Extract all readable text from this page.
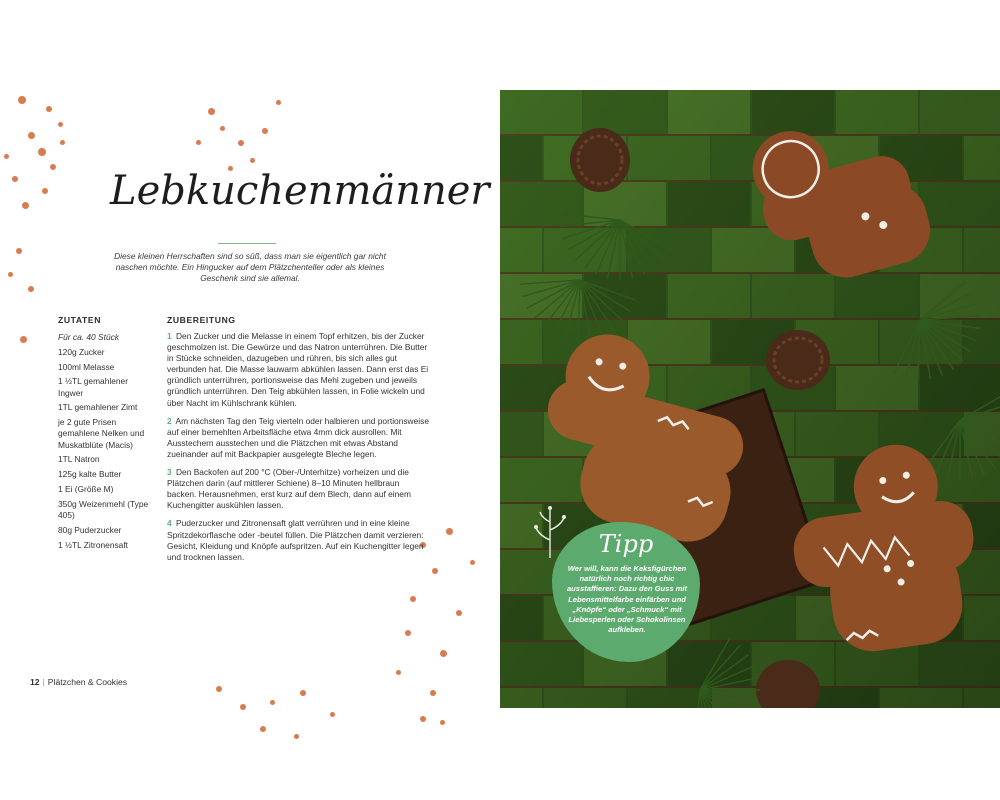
Lebkuchenmänner
Diese kleinen Herrschaften sind so süß, dass man sie eigentlich gar nicht naschen möchte. Ein Hingucker auf dem Plätzchenteller oder als kleines Geschenk sind sie allemal.
ZUTATEN
Für ca. 40 Stück
120g Zucker
100ml Melasse
1 ½TL gemahlener Ingwer
1TL gemahlener Zimt
je 2 gute Prisen gemahlene Nelken und Muskatblüte (Macis)
1TL Natron
125g kalte Butter
1 Ei (Größe M)
350g Weizenmehl (Type 405)
80g Puderzucker
1 ½TL Zitronensaft
ZUBEREITUNG

1 Den Zucker und die Melasse in einem Topf erhitzen, bis der Zucker geschmolzen ist. Die Gewürze und das Natron unterrühren. Die Butter in Stücke schneiden, dazugeben und rühren, bis sich alles gut verbunden hat. Die Masse lauwarm abkühlen lassen. Dann erst das Ei gründlich unterrühren, portionsweise das Mehl zugeben und jeweils gründlich unterrühren. Den Teig abkühlen lassen, in Folie wickeln und über Nacht im Kühlschrank kühlen.

2 Am nächsten Tag den Teig vierteln oder halbieren und portionsweise auf einer bemehlten Arbeitsfläche etwa 4mm dick ausrollen. Mit Ausstechern ausstechen und die Plätzchen mit etwas Abstand zueinander auf mit Backpapier ausgelegte Bleche legen.

3 Den Backofen auf 200 °C (Ober-/Unterhitze) vorheizen und die Plätzchen darin (auf mittlerer Schiene) 8–10 Minuten hellbraun backen. Herausnehmen, erst kurz auf dem Blech, dann auf einem Kuchengitter auskühlen lassen.

4 Puderzucker und Zitronensaft glatt verrühren und in eine kleine Spritzdekorflasche oder -beutel füllen. Die Plätzchen damit verzieren: Gesicht, Kleidung und Knöpfe aufspritzen. Auf ein Kuchengitter legen und trocknen lassen.

12 | Plätzchen & Cookies
Tipp
Wer will, kann die Keksfigürchen natürlich noch richtig chic ausstaffieren: Dazu den Guss mit Lebensmittelfarbe einfärben und „Knöpfe“ oder „Schmuck“ mit Liebesperlen oder Schokolinsen aufkleben.
